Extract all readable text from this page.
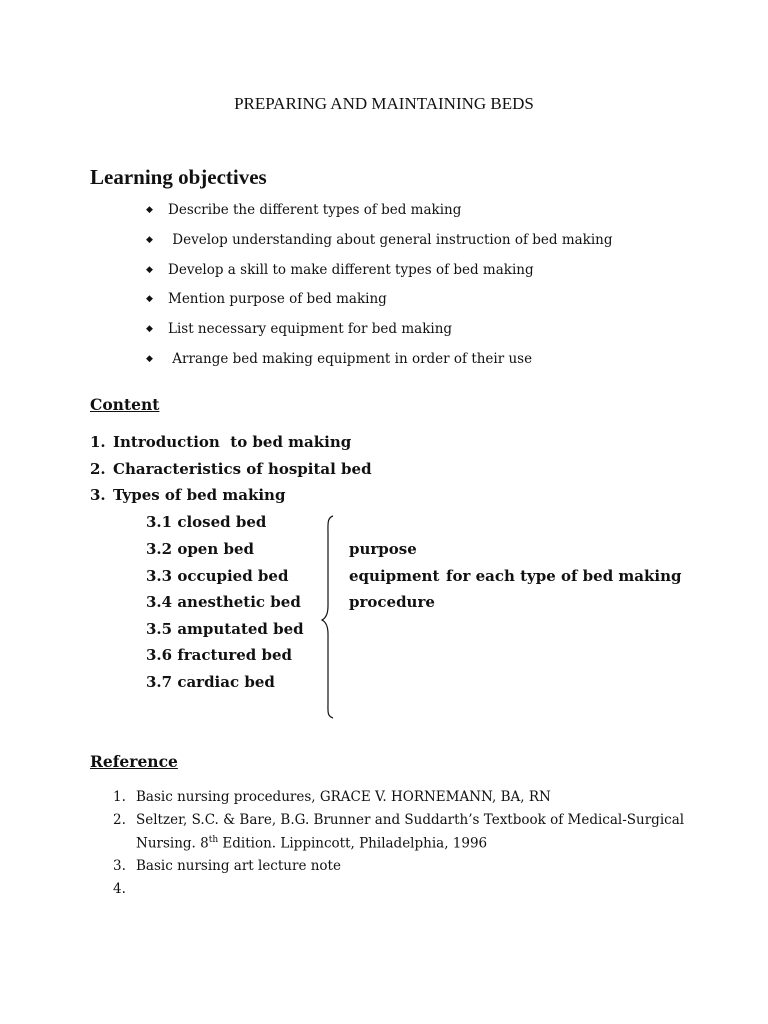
PREPARING AND MAINTAINING BEDS
Learning objectives
◆ Describe the different types of bed making
◆ Develop understanding about general instruction of bed making
◆ Develop a skill to make different types of bed making
◆ Mention purpose of bed making
◆ List necessary equipment for bed making
◆ Arrange bed making equipment in order of their use
Content
1. Introduction  to bed making
2. Characteristics of hospital bed
3. Types of bed making
3.1 closed bed
3.2 open bed
3.3 occupied bed
3.4 anesthetic bed
3.5 amputated bed
3.6 fractured bed
3.7 cardiac bed
purpose
equipment for each type of bed making
procedure
Reference
1. Basic nursing procedures, GRACE V. HORNEMANN, BA, RN
2. Seltzer, S.C. & Bare, B.G. Brunner and Suddarth’s Textbook of Medical-Surgical
Nursing. 8th Edition. Lippincott, Philadelphia, 1996
3. Basic nursing art lecture note
4.
